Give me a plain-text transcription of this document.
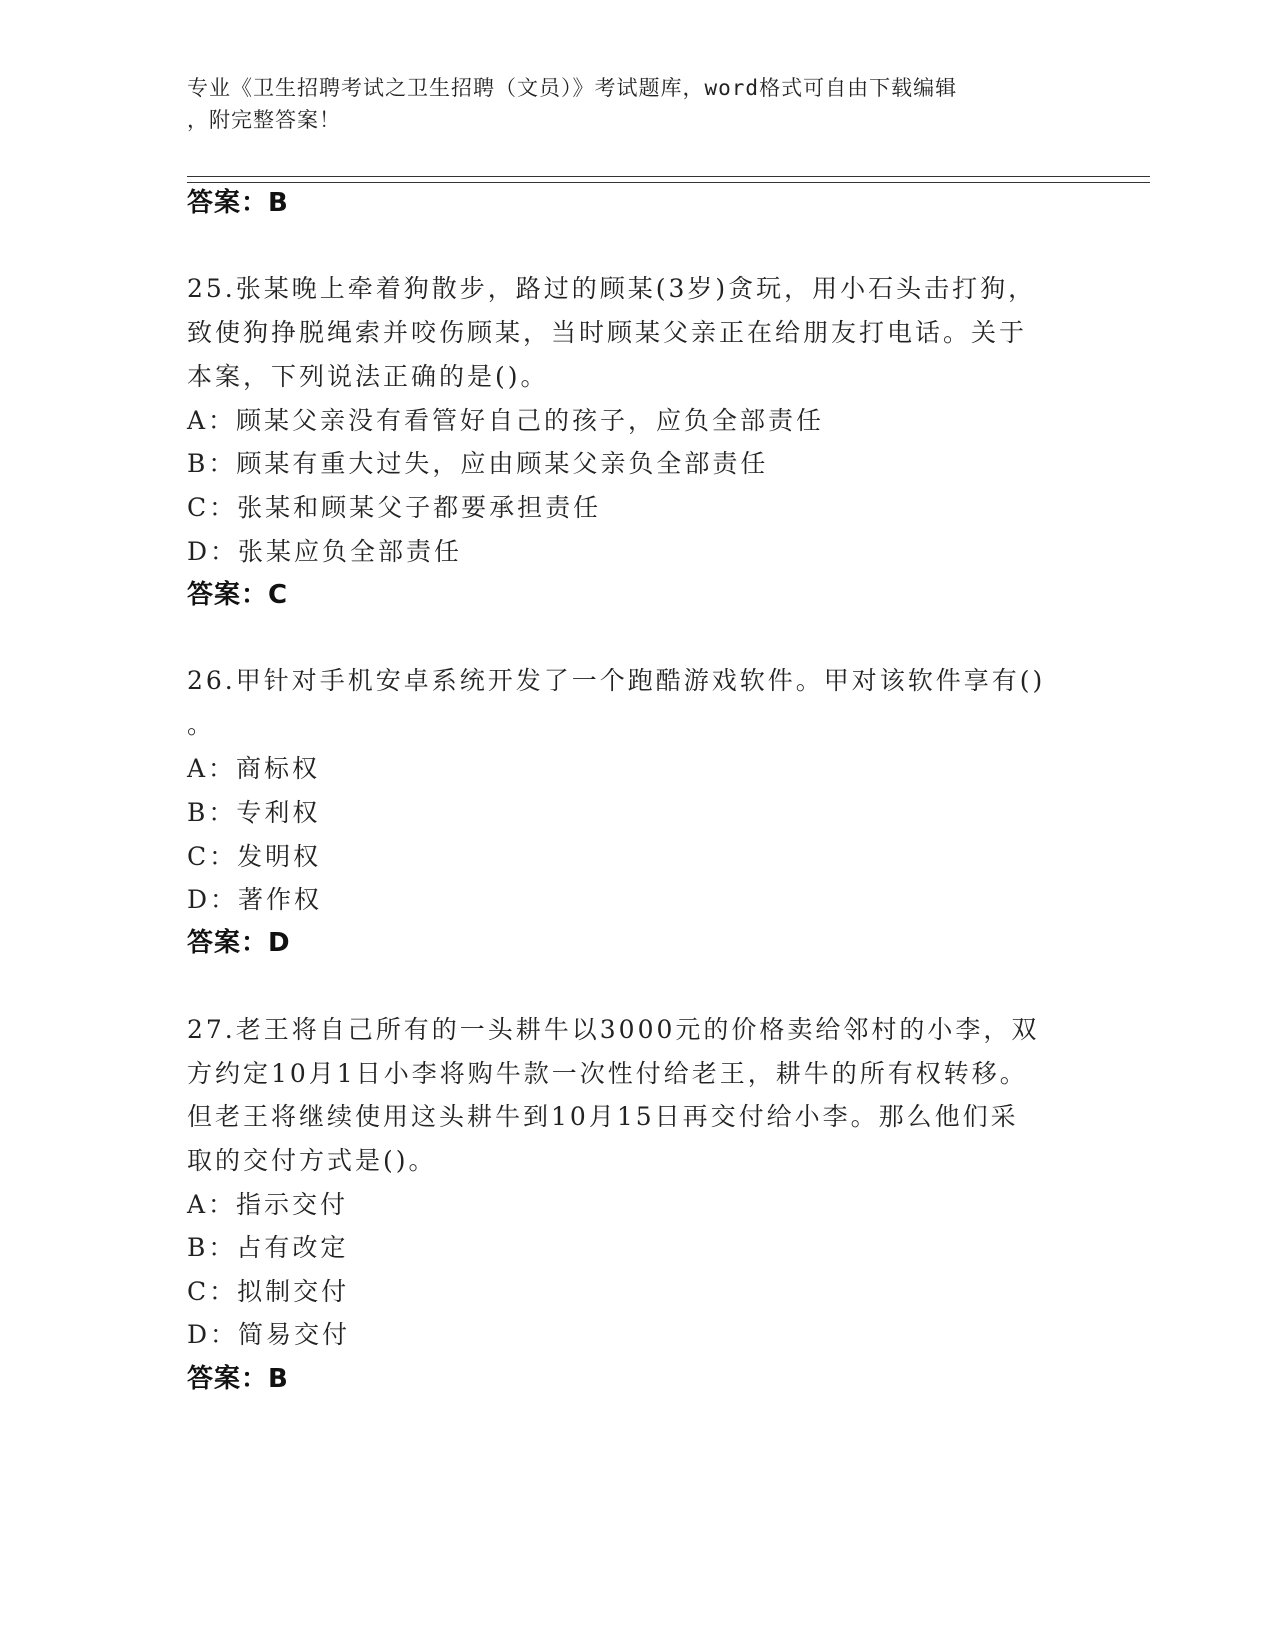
专业《卫生招聘考试之卫生招聘（文员）》考试题库，word格式可自由下载编辑
，附完整答案！
答案：B
25.张某晚上牵着狗散步，路过的顾某(3岁)贪玩，用小石头击打狗，
致使狗挣脱绳索并咬伤顾某，当时顾某父亲正在给朋友打电话。关于
本案，下列说法正确的是()。
A：顾某父亲没有看管好自己的孩子，应负全部责任
B：顾某有重大过失，应由顾某父亲负全部责任
C：张某和顾某父子都要承担责任
D：张某应负全部责任
答案：C
26.甲针对手机安卓系统开发了一个跑酷游戏软件。甲对该软件享有()
。
A：商标权
B：专利权
C：发明权
D：著作权
答案：D
27.老王将自己所有的一头耕牛以3000元的价格卖给邻村的小李，双
方约定10月1日小李将购牛款一次性付给老王，耕牛的所有权转移。
但老王将继续使用这头耕牛到10月15日再交付给小李。那么他们采
取的交付方式是()。
A：指示交付
B：占有改定
C：拟制交付
D：简易交付
答案：B
